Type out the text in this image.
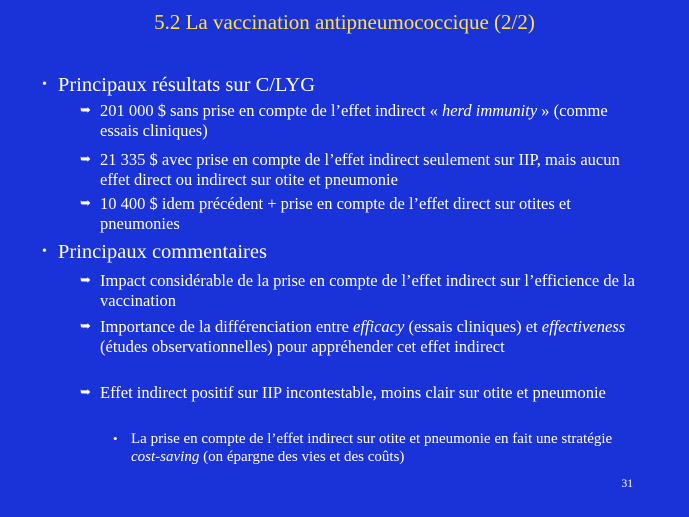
5.2 La vaccination antipneumococcique (2/2)
• Principaux résultats sur C/LYG
➥ 201 000 $ sans prise en compte de l’effet indirect « herd immunity » (comme essais cliniques)
➥ 21 335 $ avec prise en compte de l’effet indirect seulement sur IIP, mais aucun effet direct ou indirect sur otite et pneumonie
➥ 10 400 $ idem précédent + prise en compte de l’effet direct sur otites et pneumonies
• Principaux commentaires
➥ Impact considérable de la prise en compte de l’effet indirect sur l’efficience de la vaccination
➥ Importance de la différenciation entre efficacy (essais cliniques) et effectiveness (études observationnelles) pour appréhender cet effet indirect
➥ Effet indirect positif sur IIP incontestable, moins clair sur otite et pneumonie
• La prise en compte de l’effet indirect sur otite et pneumonie en fait une stratégie cost-saving (on épargne des vies et des coûts)
31
